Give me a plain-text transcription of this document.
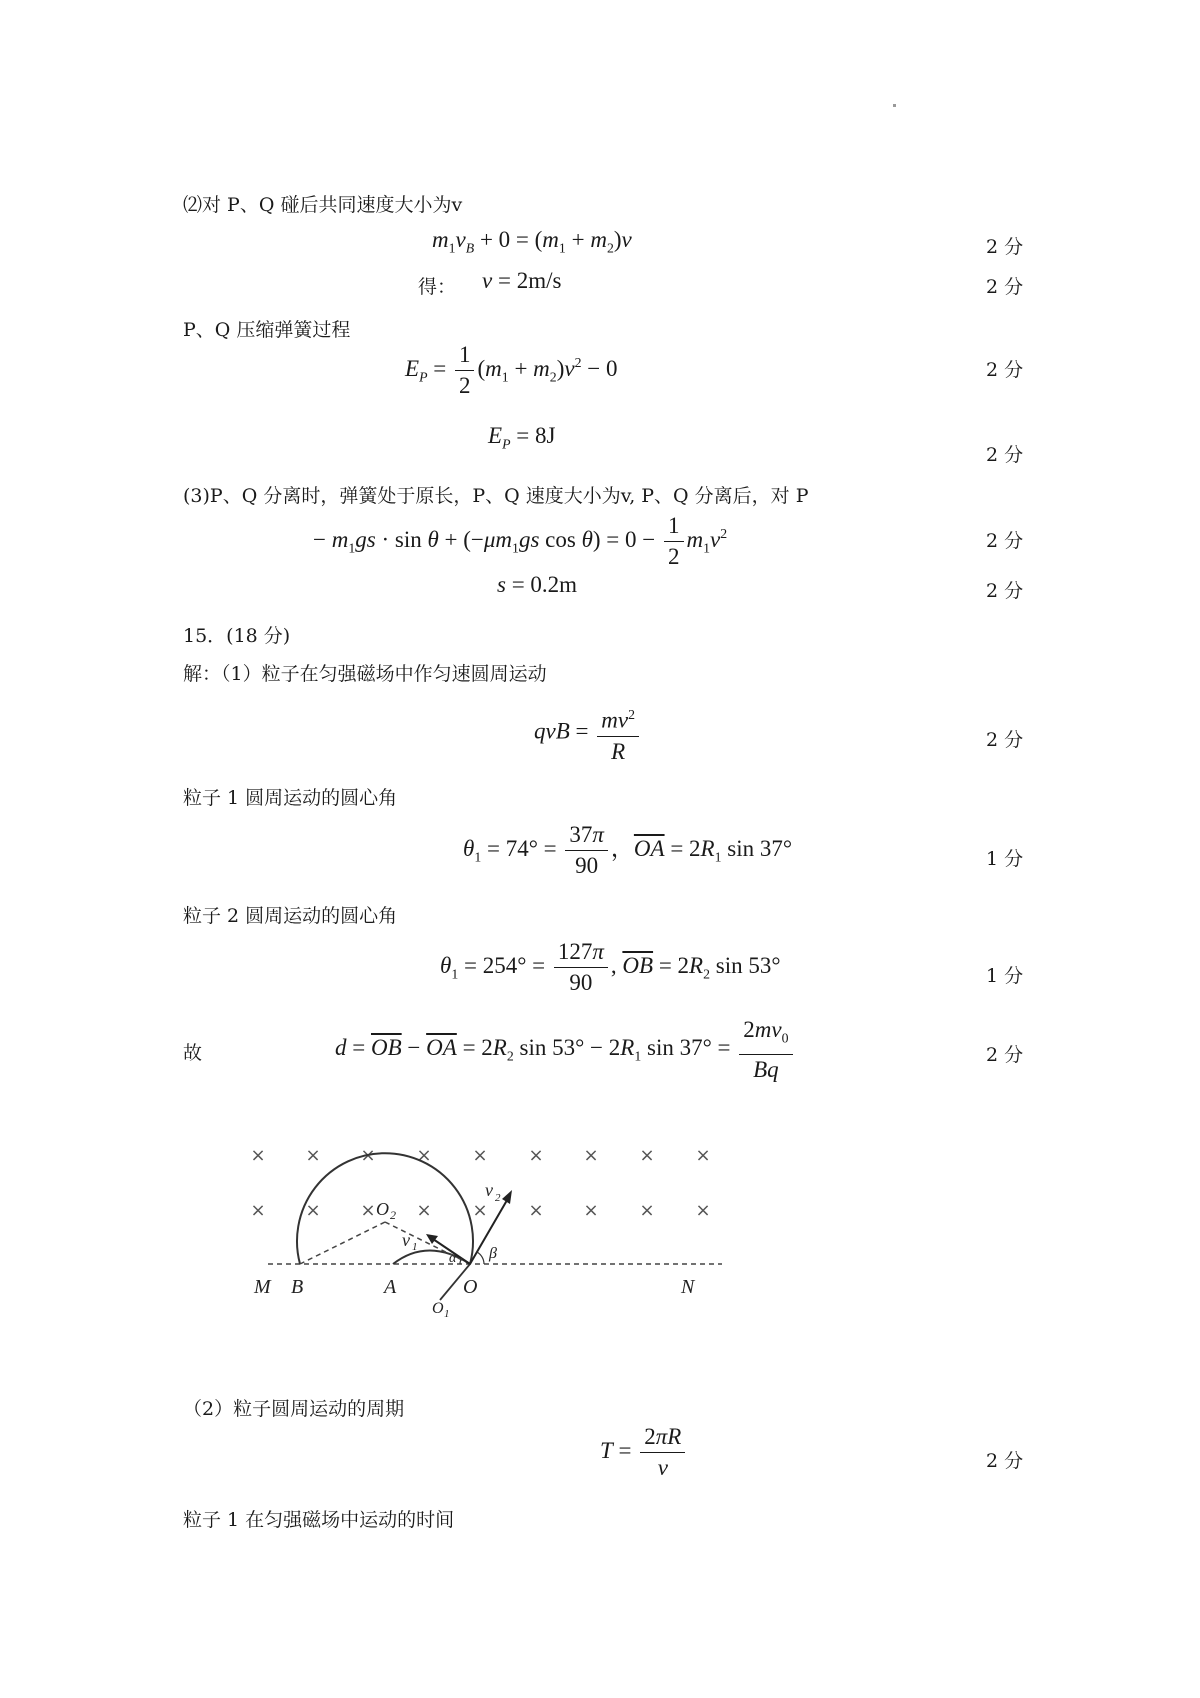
⑵对 P、Q 碰后共同速度大小为v
$m_1v_B + 0 = (m_1 + m_2)v$	2 分
得： v = 2m/s	2 分
P、Q 压缩弹簧过程
$E_P = \frac{1}{2} (m_1 + m_2)v^2 - 0$	2 分
$E_P = 8J$
2 分
(3)P、Q 分离时，弹簧处于原长，P、Q 速度大小为v, P、Q 分离后，对 P
− $m_1gs \cdot \sin \theta + (-\mu m_1gs$ $\cos \theta) = 0 - \frac{1}{2} m_1v^2$	2 分
s = 0.2m	2 分
15．(18 分)
解：（1）粒子在匀强磁场中作匀速圆周运动
qvB = $\frac{mv^2}{R}$	2 分
粒子 1 圆周运动的圆心角
$\theta_1 = 74^\circ = \frac{37\pi}{90}$ ，$\overline{OA} = 2R_1$ sin 37°	1 分
粒子 2 圆周运动的圆心角
$\theta_1 = 254^\circ = \frac{127\pi}{90}$ , $\overline{OB} = 2R_2$ sin 53°	1 分
故	$d = \overline{OB} - \overline{OA} = 2R_2$ $\sin 53^\circ - 2R_1$ $\sin 37^\circ = \frac{2mv_0}{Bq}$	2 分
× × × × × × × × ×
× × × × × × × × ×
M B	A	O	N
O 1
O 2
v 1
v 2
α β
（2）粒子圆周运动的周期
$T = \frac{2\pi R}{v}$	2 分
粒子 1 在匀强磁场中运动的时间
